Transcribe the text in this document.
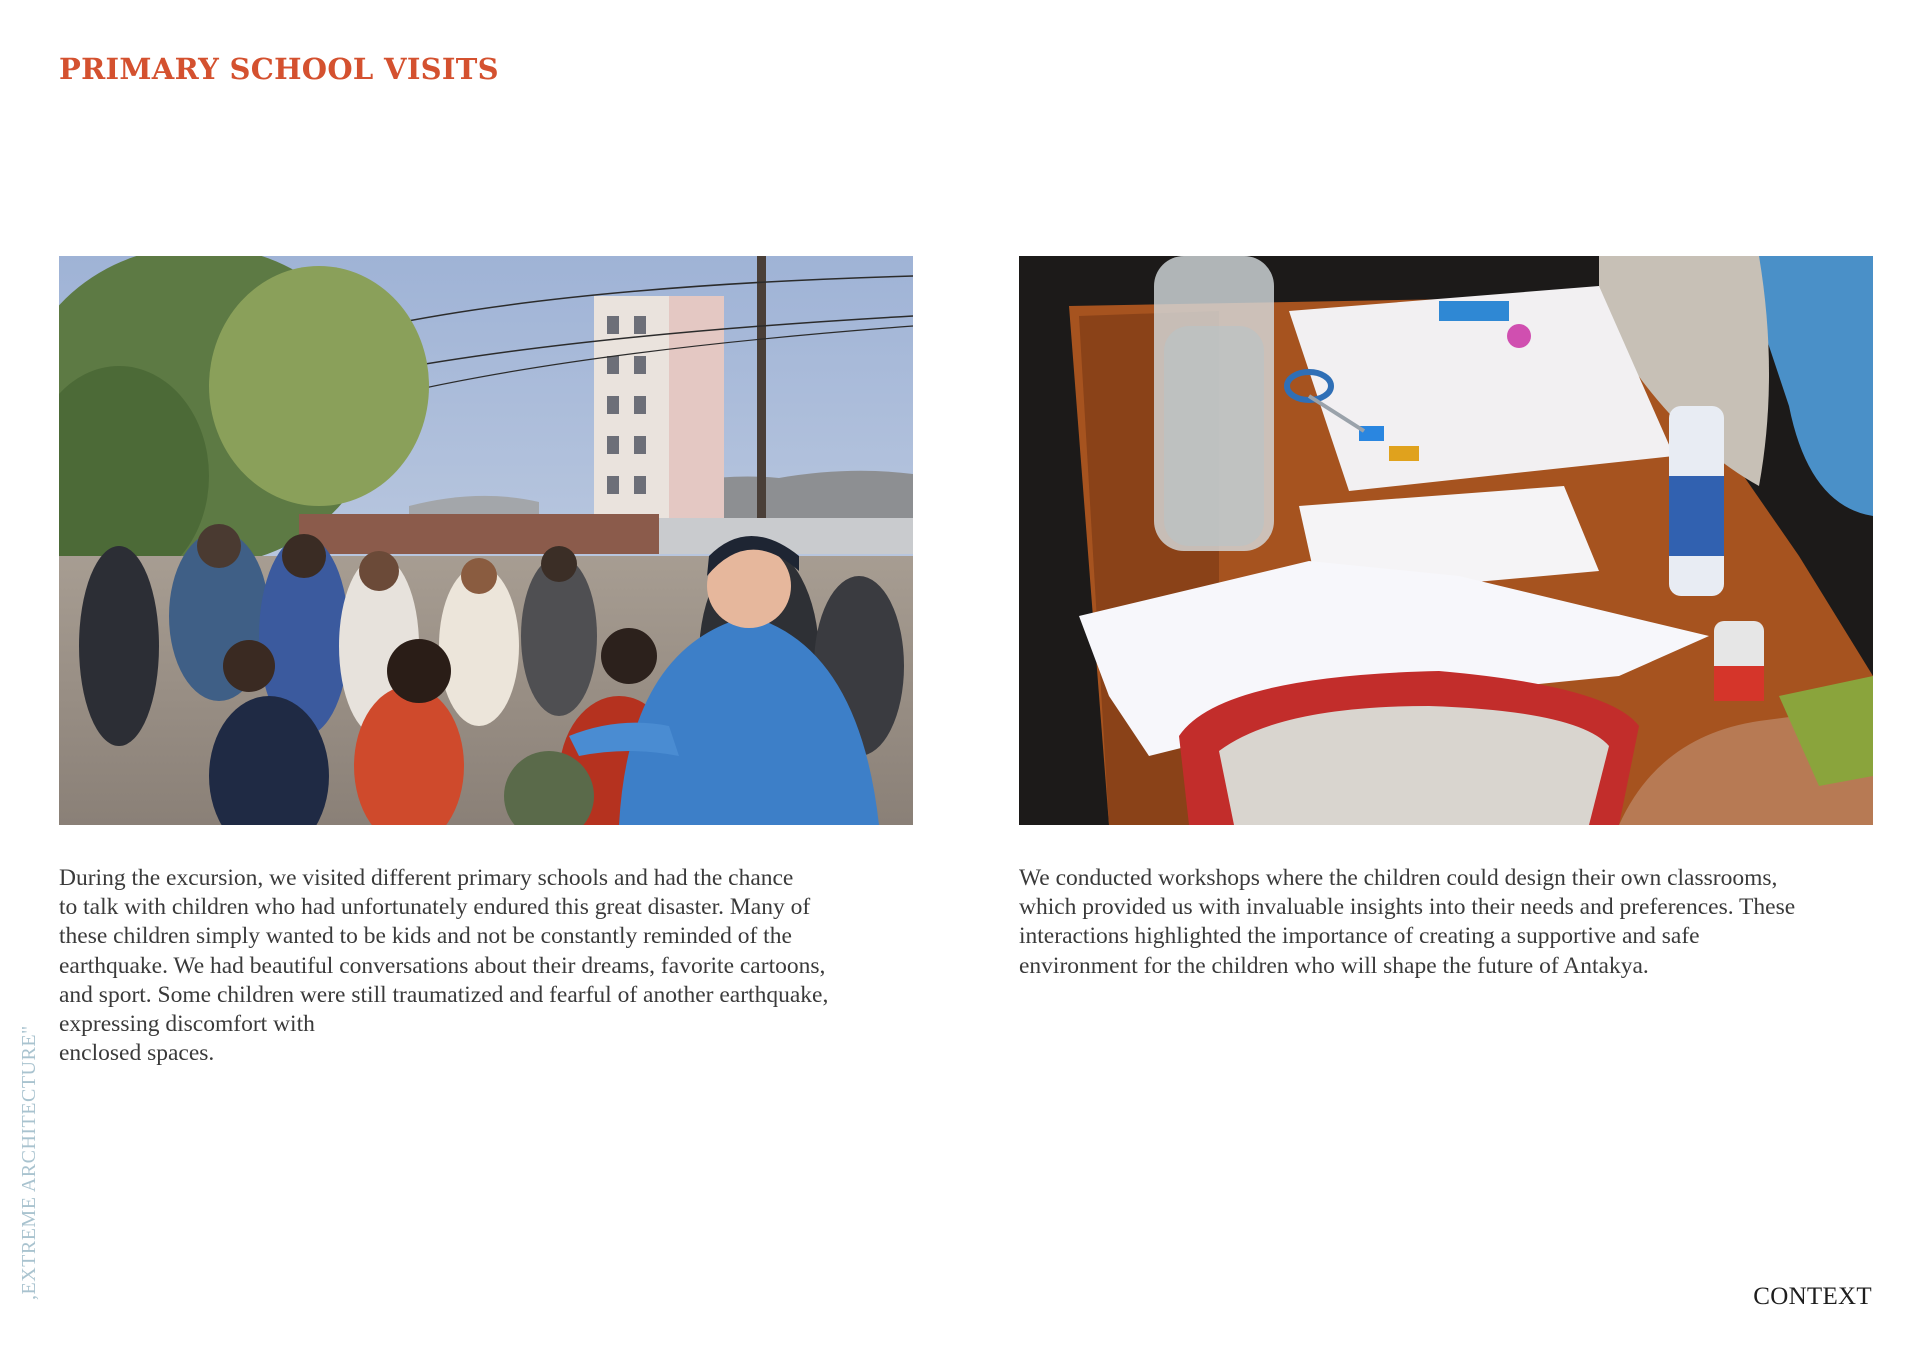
PRIMARY SCHOOL VISITS

During the excursion, we visited different primary schools and had the chance
to talk with children who had unfortunately endured this great disaster. Many of
these children simply wanted to be kids and not be constantly reminded of the
earthquake. We had beautiful conversations about their dreams, favorite cartoons,
and sport. Some children were still traumatized and fearful of another earthquake,
expressing discomfort with
enclosed spaces.

We conducted workshops where the children could design their own classrooms,
which provided us with invaluable insights into their needs and preferences. These
interactions highlighted the importance of creating a supportive and safe
environment for the children who will shape the future of Antakya.

,EXTREME ARCHITECTURE"	CONTEXT
